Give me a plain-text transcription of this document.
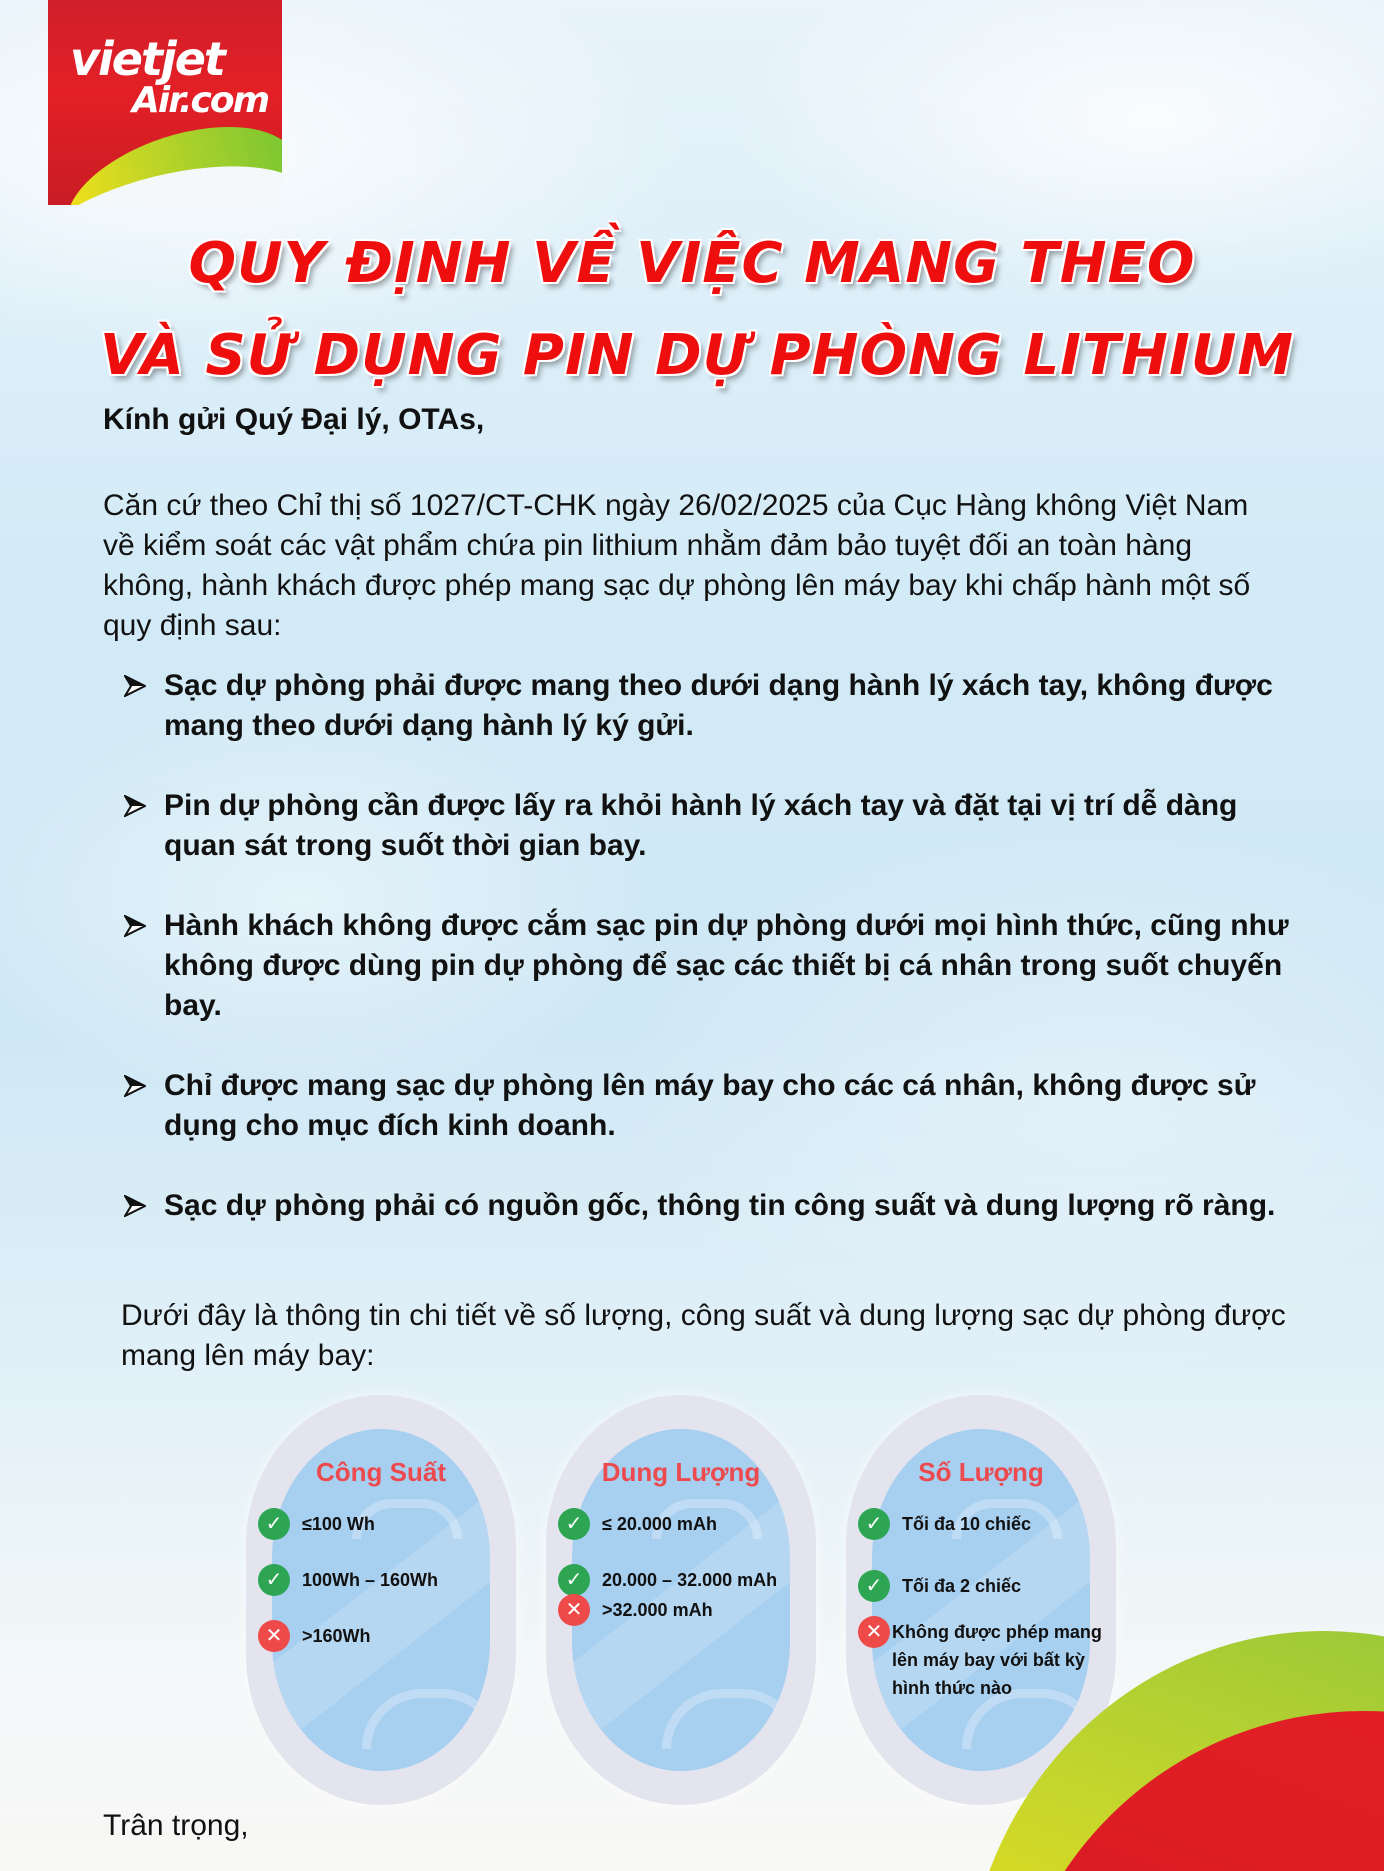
vietjet
Air.com
QUY ĐỊNH VỀ VIỆC MANG THEO
VÀ SỬ DỤNG PIN DỰ PHÒNG LITHIUM
Kính gửi Quý Đại lý, OTAs,

Căn cứ theo Chỉ thị số 1027/CT-CHK ngày 26/02/2025 của Cục Hàng không Việt Nam về kiểm soát các vật phẩm chứa pin lithium nhằm đảm bảo tuyệt đối an toàn hàng không, hành khách được phép mang sạc dự phòng lên máy bay khi chấp hành một số quy định sau:

Sạc dự phòng phải được mang theo dưới dạng hành lý xách tay, không được mang theo dưới dạng hành lý ký gửi.
Pin dự phòng cần được lấy ra khỏi hành lý xách tay và đặt tại vị trí dễ dàng quan sát trong suốt thời gian bay.
Hành khách không được cắm sạc pin dự phòng dưới mọi hình thức, cũng như không được dùng pin dự phòng để sạc các thiết bị cá nhân trong suốt chuyến bay.
Chỉ được mang sạc dự phòng lên máy bay cho các cá nhân, không được sử dụng cho mục đích kinh doanh.
Sạc dự phòng phải có nguồn gốc, thông tin công suất và dung lượng rõ ràng.

Dưới đây là thông tin chi tiết về số lượng, công suất và dung lượng sạc dự phòng được mang lên máy bay:

Công Suất
✓	≤100 Wh
✓	100Wh – 160Wh
✕	>160Wh
Dung Lượng
✓	≤ 20.000 mAh
✓	20.000 – 32.000 mAh
✕	>32.000 mAh
Số Lượng
✓	Tối đa 10 chiếc
✓	Tối đa 2 chiếc
✕ Không được phép mang lên máy bay với bất kỳ hình thức nào
Trân trọng,
